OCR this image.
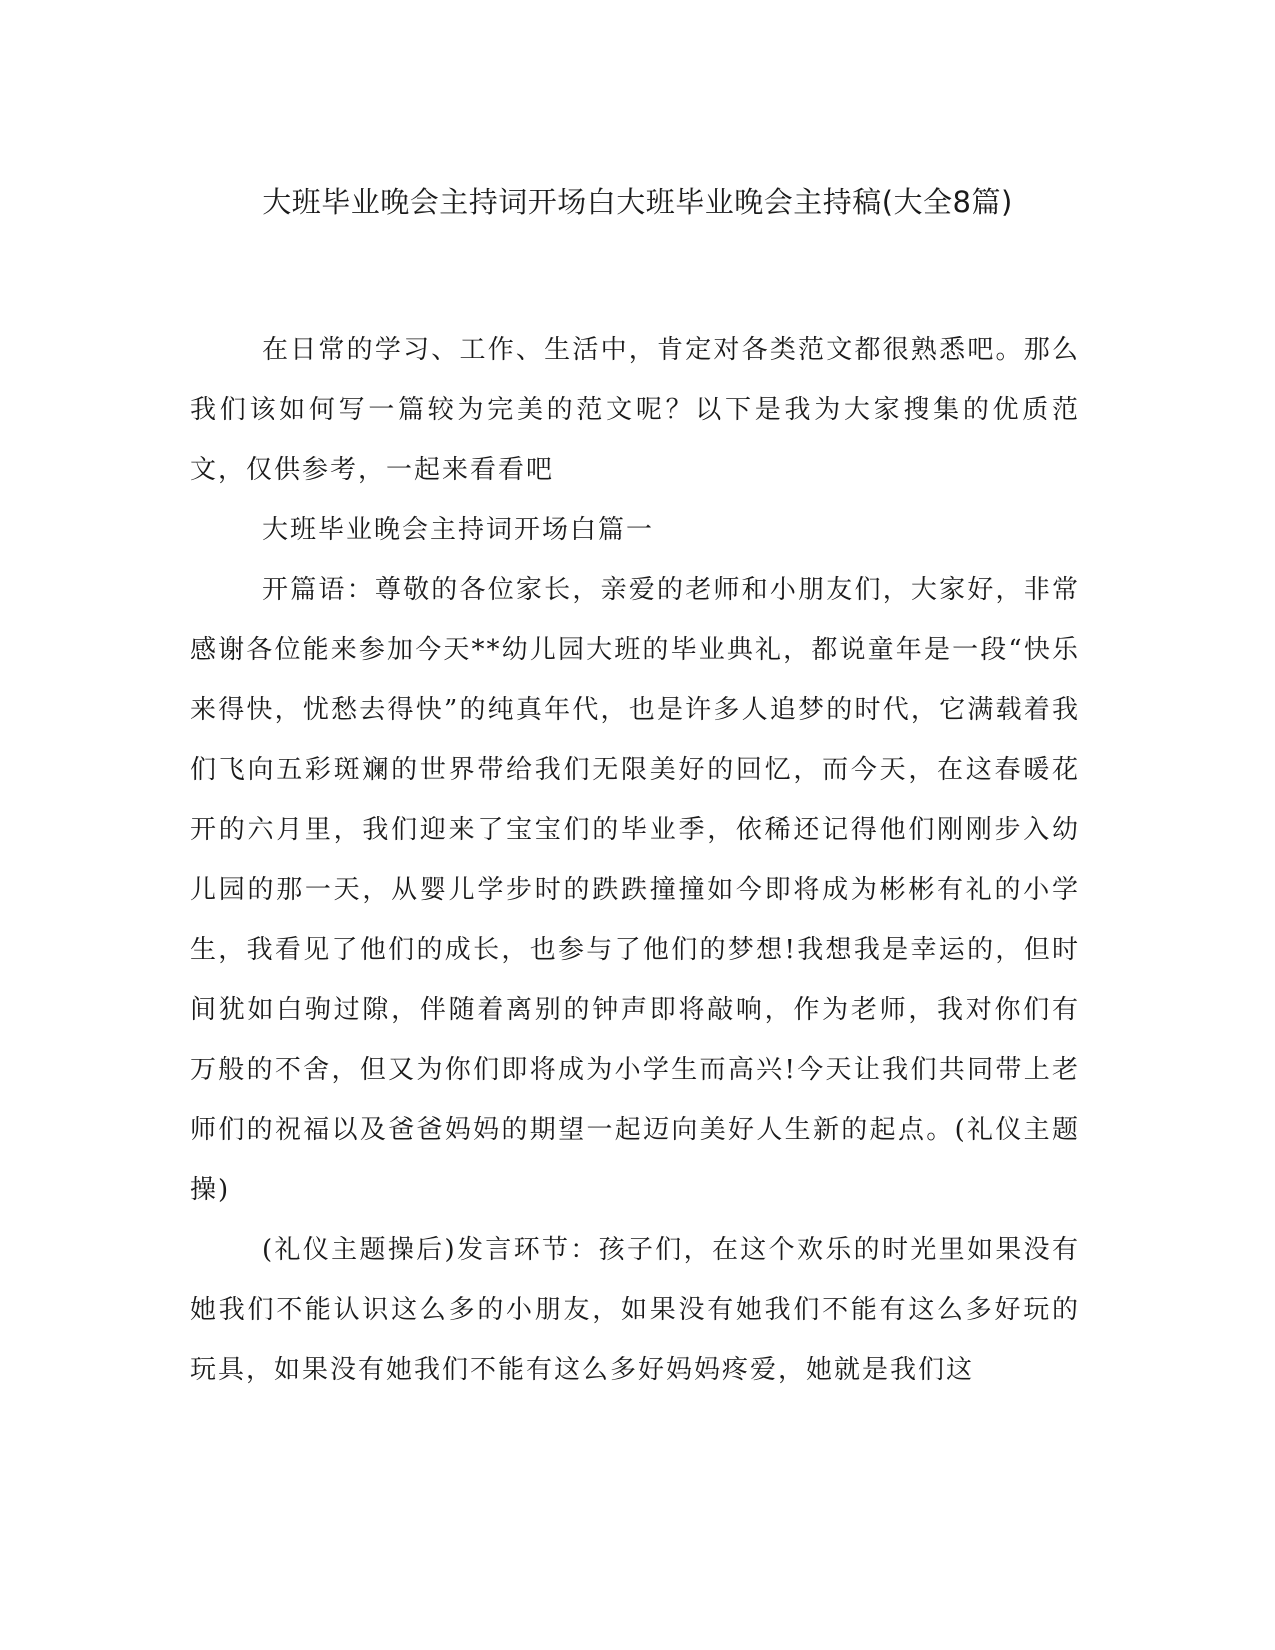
大班毕业晚会主持词开场白大班毕业晚会主持稿(大全8篇)

在日常的学习、工作、生活中，肯定对各类范文都很熟悉吧。那么我们该如何写一篇较为完美的范文呢？以下是我为大家搜集的优质范文，仅供参考，一起来看看吧

大班毕业晚会主持词开场白篇一

开篇语：尊敬的各位家长，亲爱的老师和小朋友们，大家好，非常感谢各位能来参加今天**幼儿园大班的毕业典礼，都说童年是一段“快乐来得快，忧愁去得快”的纯真年代，也是许多人追梦的时代，它满载着我们飞向五彩斑斓的世界带给我们无限美好的回忆，而今天，在这春暖花开的六月里，我们迎来了宝宝们的毕业季，依稀还记得他们刚刚步入幼儿园的那一天，从婴儿学步时的跌跌撞撞如今即将成为彬彬有礼的小学生，我看见了他们的成长，也参与了他们的梦想!我想我是幸运的，但时间犹如白驹过隙，伴随着离别的钟声即将敲响，作为老师，我对你们有万般的不舍，但又为你们即将成为小学生而高兴!今天让我们共同带上老师们的祝福以及爸爸妈妈的期望一起迈向美好人生新的起点。(礼仪主题操)

(礼仪主题操后)发言环节：孩子们，在这个欢乐的时光里如果没有她我们不能认识这么多的小朋友，如果没有她我们不能有这么多好玩的玩具，如果没有她我们不能有这么多好妈妈疼爱，她就是我们这
